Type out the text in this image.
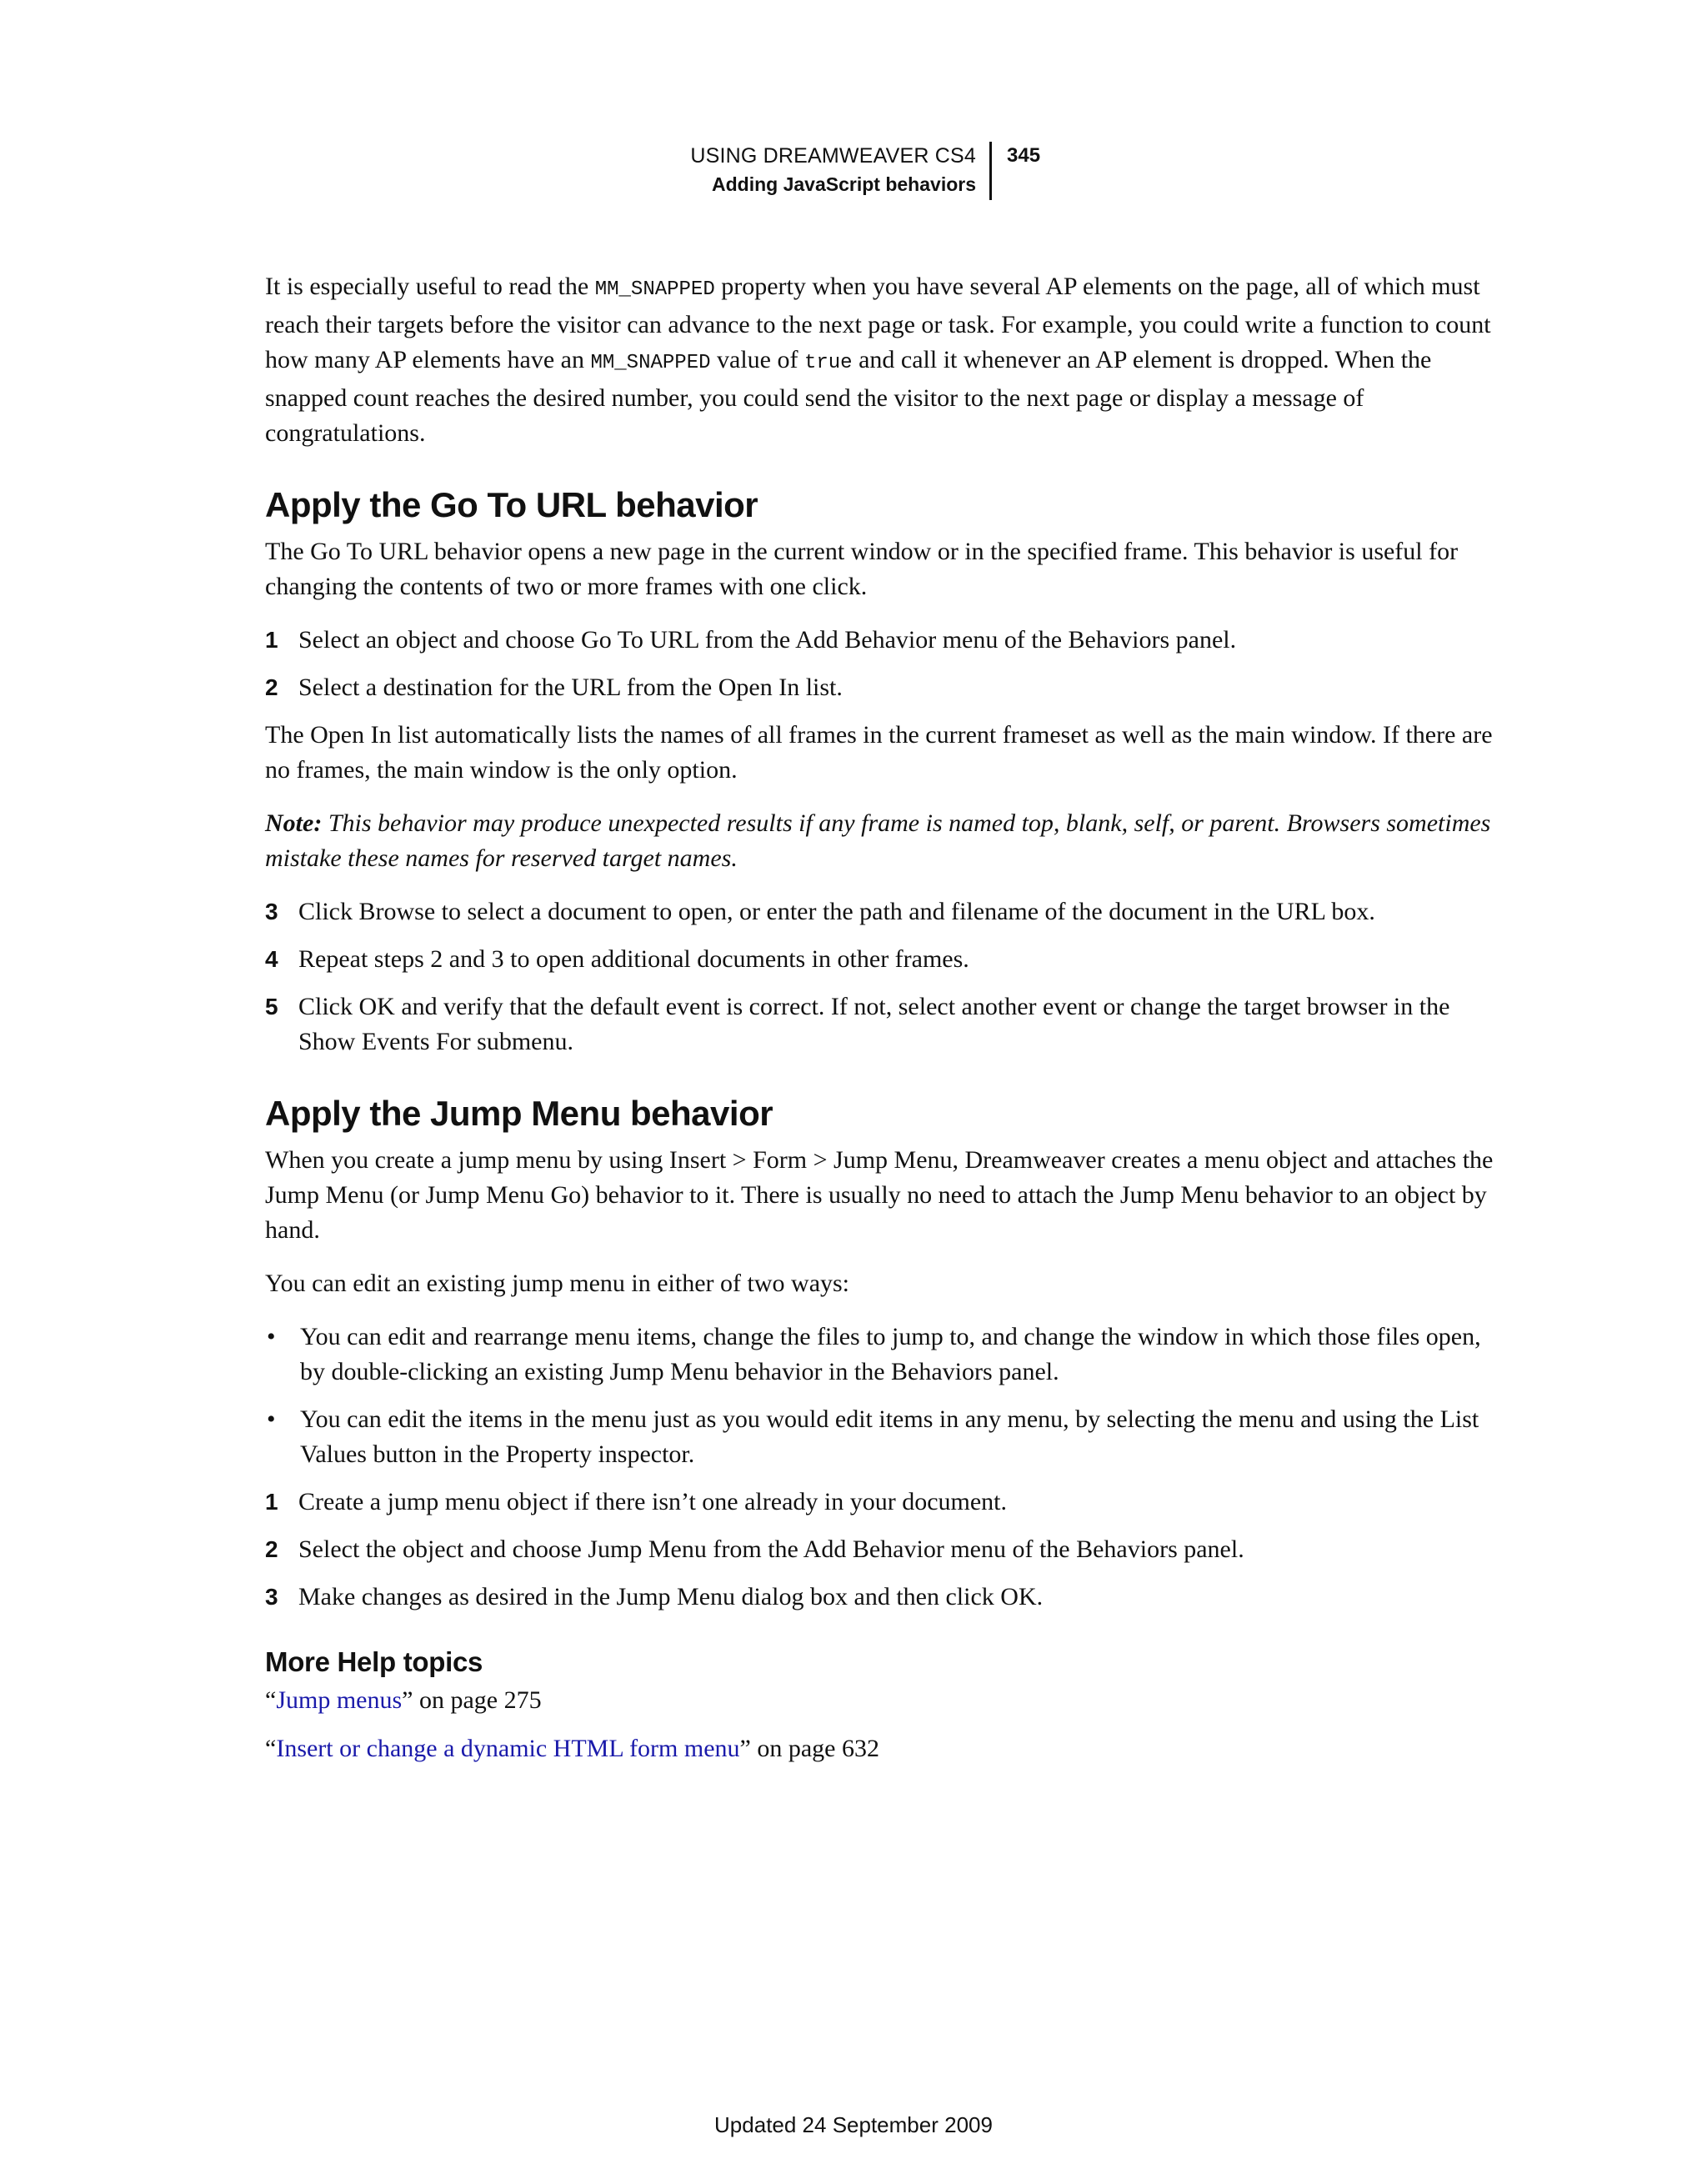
USING DREAMWEAVER CS4
Adding JavaScript behaviors
345

It is especially useful to read the MM_SNAPPED property when you have several AP elements on the page, all of which must reach their targets before the visitor can advance to the next page or task. For example, you could write a function to count how many AP elements have an MM_SNAPPED value of true and call it whenever an AP element is dropped. When the snapped count reaches the desired number, you could send the visitor to the next page or display a message of congratulations.

Apply the Go To URL behavior

The Go To URL behavior opens a new page in the current window or in the specified frame. This behavior is useful for changing the contents of two or more frames with one click.

1 Select an object and choose Go To URL from the Add Behavior menu of the Behaviors panel.
2 Select a destination for the URL from the Open In list.

The Open In list automatically lists the names of all frames in the current frameset as well as the main window. If there are no frames, the main window is the only option.

Note: This behavior may produce unexpected results if any frame is named top, blank, self, or parent. Browsers sometimes mistake these names for reserved target names.

3 Click Browse to select a document to open, or enter the path and filename of the document in the URL box.
4 Repeat steps 2 and 3 to open additional documents in other frames.
5 Click OK and verify that the default event is correct. If not, select another event or change the target browser in the Show Events For submenu.
Apply the Jump Menu behavior

When you create a jump menu by using Insert > Form > Jump Menu, Dreamweaver creates a menu object and attaches the Jump Menu (or Jump Menu Go) behavior to it. There is usually no need to attach the Jump Menu behavior to an object by hand.

You can edit an existing jump menu in either of two ways:

• You can edit and rearrange menu items, change the files to jump to, and change the window in which those files open, by double-clicking an existing Jump Menu behavior in the Behaviors panel.
• You can edit the items in the menu just as you would edit items in any menu, by selecting the menu and using the List Values button in the Property inspector.
1 Create a jump menu object if there isn’t one already in your document.
2 Select the object and choose Jump Menu from the Add Behavior menu of the Behaviors panel.
3 Make changes as desired in the Jump Menu dialog box and then click OK.
More Help topics
“Jump menus” on page 275
“Insert or change a dynamic HTML form menu” on page 632
Updated 24 September 2009
